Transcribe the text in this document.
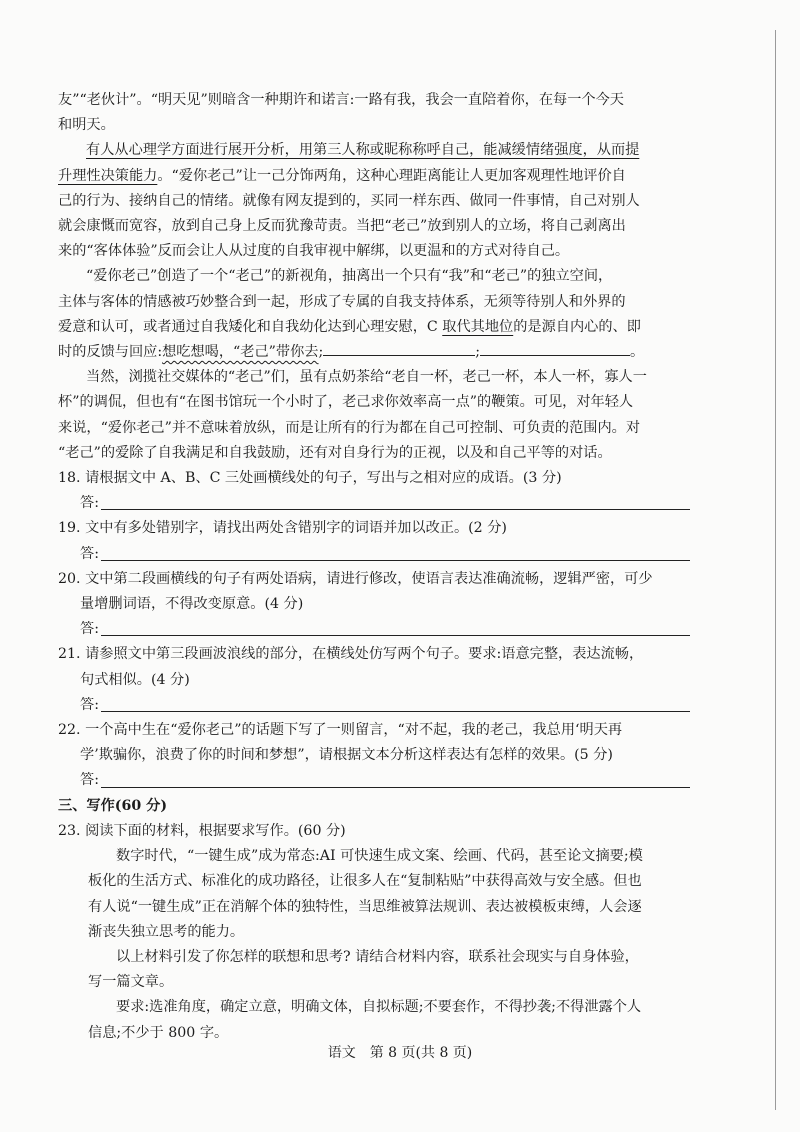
友”“老伙计”。“明天见”则暗含一种期许和诺言:一路有我，我会一直陪着你，在每一个今天
和明天。
有人从心理学方面进行展开分析，用第三人称或昵称称呼自己，能减缓情绪强度，从而提
升理性决策能力。“爱你老己”让一己分饰两角，这种心理距离能让人更加客观理性地评价自
己的行为、接纳自己的情绪。就像有网友提到的，买同一样东西、做同一件事情，自己对别人
就会康慨而宽容，放到自己身上反而犹豫苛责。当把“老己”放到别人的立场，将自己剥离出
来的“客体体验”反而会让人从过度的自我审视中解绑，以更温和的方式对待自己。
“爱你老己”创造了一个“老己”的新视角，抽离出一个只有“我”和“老己”的独立空间，
主体与客体的情感被巧妙整合到一起，形成了专属的自我支持体系，无须等待别人和外界的
爱意和认可，或者通过自我矮化和自我幼化达到心理安慰，C 取代其地位的是源自内心的、即
时的反馈与回应:想吃想喝，“老己”带你去;	;	。
当然，浏揽社交媒体的“老己”们，虽有点奶茶给“老自一杯，老己一杯，本人一杯，寡人一
杯”的调侃，但也有“在图书馆玩一个小时了，老己求你效率高一点”的鞭策。可见，对年轻人
来说，“爱你老己”并不意味着放纵，而是让所有的行为都在自己可控制、可负责的范围内。对
“老己”的爱除了自我满足和自我鼓励，还有对自身行为的正视，以及和自己平等的对话。
18. 请根据文中 A、B、C 三处画横线处的句子，写出与之相对应的成语。(3 分)
答:
19. 文中有多处错别字，请找出两处含错别字的词语并加以改正。(2 分)
答:
20. 文中第二段画横线的句子有两处语病，请进行修改，使语言表达准确流畅，逻辑严密，可少
量增删词语，不得改变原意。(4 分)
答:
21. 请参照文中第三段画波浪线的部分，在横线处仿写两个句子。要求:语意完整，表达流畅，
句式相似。(4 分)
答:
22. 一个高中生在“爱你老己”的话题下写了一则留言，“对不起，我的老己，我总用‘明天再
学’欺骗你，浪费了你的时间和梦想”，请根据文本分析这样表达有怎样的效果。(5 分)
答:
三、写作(60 分)
23. 阅读下面的材料，根据要求写作。(60 分)
数字时代，“一键生成”成为常态:AI 可快速生成文案、绘画、代码，甚至论文摘要;模
板化的生活方式、标准化的成功路径，让很多人在“复制粘贴”中获得高效与安全感。但也
有人说“一键生成”正在消解个体的独特性，当思维被算法规训、表达被模板束缚，人会逐
渐丧失独立思考的能力。
以上材料引发了你怎样的联想和思考? 请结合材料内容，联系社会现实与自身体验，
写一篇文章。
要求:选准角度，确定立意，明确文体，自拟标题;不要套作，不得抄袭;不得泄露个人
信息;不少于 800 字。
语文　第 8 页(共 8 页)
